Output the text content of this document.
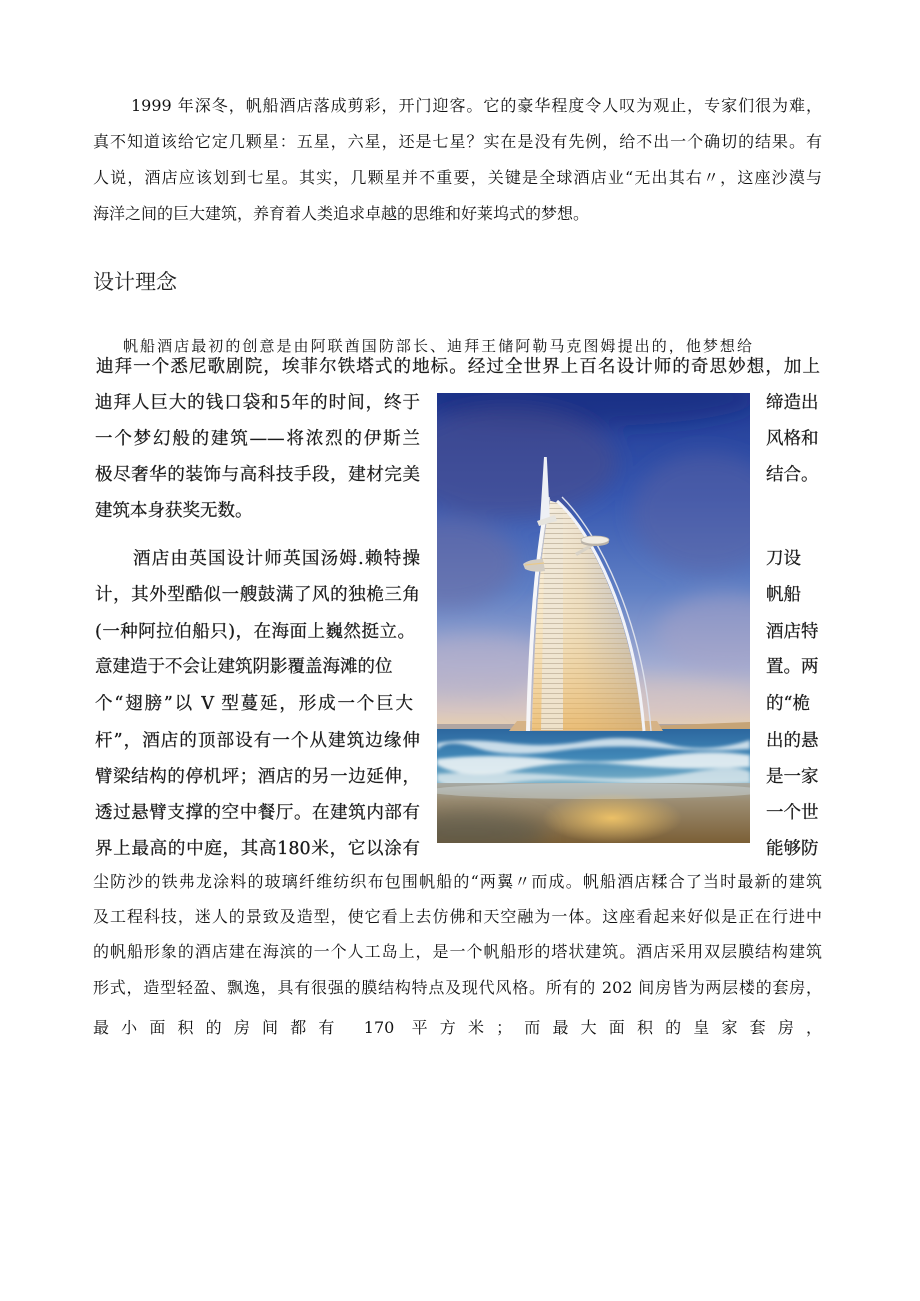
1999 年深冬，帆船酒店落成剪彩，开门迎客。它的豪华程度令人叹为观止，专家们很为难，
真不知道该给它定几颗星：五星，六星，还是七星？实在是没有先例，给不出一个确切的结果。有
人说，酒店应该划到七星。其实，几颗星并不重要，关键是全球酒店业“无出其右〃，这座沙漠与
海洋之间的巨大建筑，养育着人类追求卓越的思维和好莱坞式的梦想。
设计理念
帆船酒店最初的创意是由阿联酋国防部长、迪拜王储阿勒马克图姆提出的，他梦想给
迪拜一个悉尼歌剧院，埃菲尔铁塔式的地标。经过全世界上百名设计师的奇思妙想，加上
迪拜人巨大的钱口袋和5年的时间，终于
一个梦幻般的建筑——将浓烈的伊斯兰
极尽奢华的装饰与高科技手段，建材完美
建筑本身获奖无数。
酒店由英国设计师英国汤姆.赖特操
计，其外型酷似一艘鼓满了风的独桅三角
(一种阿拉伯船只)，在海面上巍然挺立。
意建造于不会让建筑阴影覆盖海滩的位
个“翅膀”以 V 型蔓延，形成一个巨大
杆”，酒店的顶部设有一个从建筑边缘伸
臂梁结构的停机坪；酒店的另一边延伸，
透过悬臂支撑的空中餐厅。在建筑内部有
界上最高的中庭，其高180米，它以涂有
缔造出
风格和
结合。
刀设
帆船
酒店特
置。两
的“桅
出的悬
是一家
一个世
能够防
尘防沙的铁弗龙涂料的玻璃纤维纺织布包围帆船的“两翼〃而成。帆船酒店糅合了当时最新的建筑
及工程科技，迷人的景致及造型，使它看上去仿佛和天空融为一体。这座看起来好似是正在行进中
的帆船形象的酒店建在海滨的一个人工岛上，是一个帆船形的塔状建筑。酒店采用双层膜结构建筑
形式，造型轻盈、飘逸，具有很强的膜结构特点及现代风格。所有的 202 间房皆为两层楼的套房，
最小面积的房间都有 170 平方米；而最大面积的皇家套房，
